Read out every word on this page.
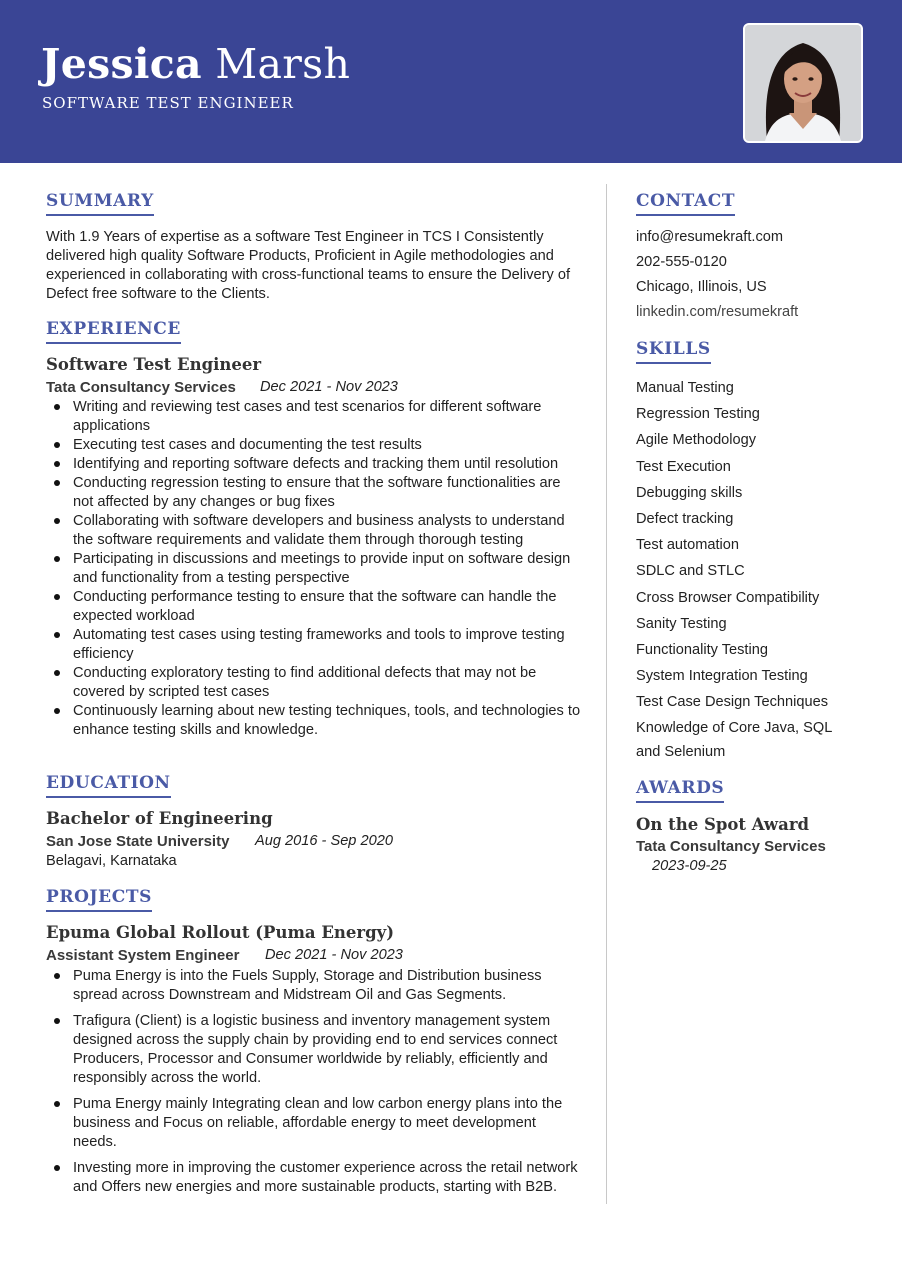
Jessica Marsh
SOFTWARE TEST ENGINEER
SUMMARY
With 1.9 Years of expertise as a software Test Engineer in TCS I Consistently delivered high quality Software Products, Proficient in Agile methodologies and experienced in collaborating with cross-functional teams to ensure the Delivery of Defect free software to the Clients.
EXPERIENCE
Software Test Engineer
Tata Consultancy Services Dec 2021 - Nov 2023
Writing and reviewing test cases and test scenarios for different software applications
Executing test cases and documenting the test results
Identifying and reporting software defects and tracking them until resolution
Conducting regression testing to ensure that the software functionalities are not affected by any changes or bug fixes
Collaborating with software developers and business analysts to understand the software requirements and validate them through thorough testing
Participating in discussions and meetings to provide input on software design and functionality from a testing perspective
Conducting performance testing to ensure that the software can handle the expected workload
Automating test cases using testing frameworks and tools to improve testing efficiency
Conducting exploratory testing to find additional defects that may not be covered by scripted test cases
Continuously learning about new testing techniques, tools, and technologies to enhance testing skills and knowledge.
EDUCATION
Bachelor of Engineering
San Jose State University Aug 2016 - Sep 2020
Belagavi, Karnataka
PROJECTS
Epuma Global Rollout (Puma Energy)
Assistant System Engineer Dec 2021 - Nov 2023
Puma Energy is into the Fuels Supply, Storage and Distribution business spread across Downstream and Midstream Oil and Gas Segments.
Trafigura (Client) is a logistic business and inventory management system designed across the supply chain by providing end to end services connect Producers, Processor and Consumer worldwide by reliably, efficiently and responsibly across the world.
Puma Energy mainly Integrating clean and low carbon energy plans into the business and Focus on reliable, affordable energy to meet development needs.
Investing more in improving the customer experience across the retail network and Offers new energies and more sustainable products, starting with B2B.
CONTACT
info@resumekraft.com
202-555-0120
Chicago, Illinois, US
linkedin.com/resumekraft
SKILLS
Manual Testing
Regression Testing
Agile Methodology
Test Execution
Debugging skills
Defect tracking
Test automation
SDLC and STLC
Cross Browser Compatibility
Sanity Testing
Functionality Testing
System Integration Testing
Test Case Design Techniques
Knowledge of Core Java, SQL and Selenium
AWARDS
On the Spot Award
Tata Consultancy Services
2023-09-25
